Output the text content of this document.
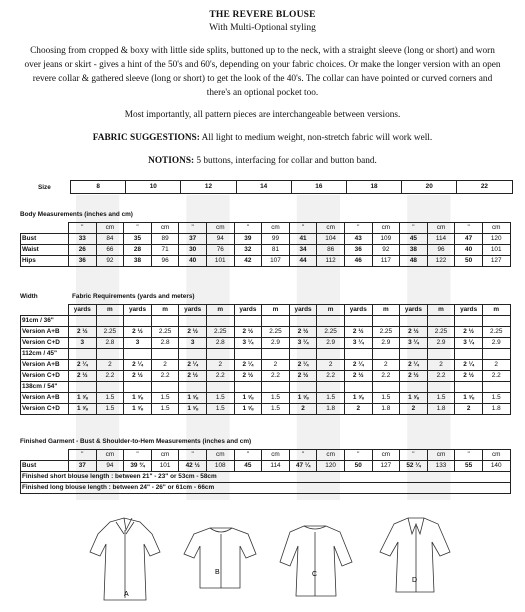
THE REVERE BLOUSE
With Multi-Optional styling
Choosing from cropped & boxy with little side splits, buttoned up to the neck, with a straight sleeve (long or short) and worn over jeans or skirt - gives a hint of the 50's and 60's, depending on your fabric choices. Or make the longer version with an open revere collar & gathered sleeve (long or short) to get the look of the 40's. The collar can have pointed or curved corners and there's an optional pocket too.
Most importantly, all pattern pieces are interchangeable between versions.
FABRIC SUGGESTIONS: All light to medium weight, non-stretch fabric will work well.
NOTIONS: 5 buttons, interfacing for collar and button band.
Size	8	10	12	14	16	18	20	22
Body Measurements (inches and cm)
	"	cm	"	cm	"	cm	"	cm	"	cm	"	cm	"	cm	"	cm
Bust	33	84	35	89	37	94	39	99	41	104	43	109	45	114	47	120
Waist	26	66	28	71	30	76	32	81	34	86	36	92	38	96	40	101
Hips	36	92	38	96	40	101	42	107	44	112	46	117	48	122	50	127
Width	Fabric Requirements (yards and meters)
	yards	m	yards	m	yards	m	yards	m	yards	m	yards	m	yards	m	yards	m
91cm / 36"																
Version A+B	2 ½	2.25	2 ½	2.25	2 ½	2.25	2 ½	2.25	2 ½	2.25	2 ½	2.25	2 ½	2.25	2 ½	2.25
Version C+D	3	2.8	3	2.8	3	2.8	3 ¼	2.9	3 ¼	2.9	3 ¼	2.9	3 ¼	2.9	3 ¼	2.9
112cm / 45"																
Version A+B	2 ¼	2	2 ¼	2	2 ¼	2	2 ¼	2	2 ¼	2	2 ¼	2	2 ¼	2	2 ¼	2
Version C+D	2 ½	2.2	2 ½	2.2	2 ½	2.2	2 ½	2.2	2 ½	2.2	2 ½	2.2	2 ½	2.2	2 ½	2.2
138cm / 54"																
Version A+B	1 ⅝	1.5	1 ⅝	1.5	1 ⅝	1.5	1 ⅝	1.5	1 ⅝	1.5	1 ⅝	1.5	1 ⅝	1.5	1 ⅝	1.5
Version C+D	1 ⅝	1.5	1 ⅝	1.5	1 ⅝	1.5	1 ⅝	1.5	2	1.8	2	1.8	2	1.8	2	1.8
Finished Garment - Bust & Shoulder-to-Hem Measurements (inches and cm)
	"	cm	"	cm	"	cm	"	cm	"	cm	"	cm	"	cm	"	cm
Bust	37	94	39 ¾	101	42 ½	108	45	114	47 ¼	120	50	127	52 ¼	133	55	140
Finished short blouse length : between 21" - 23" or 53cm - 58cm																
Finished long blouse length : between 24" - 26" or 61cm - 66cm																
A
B	C
D
